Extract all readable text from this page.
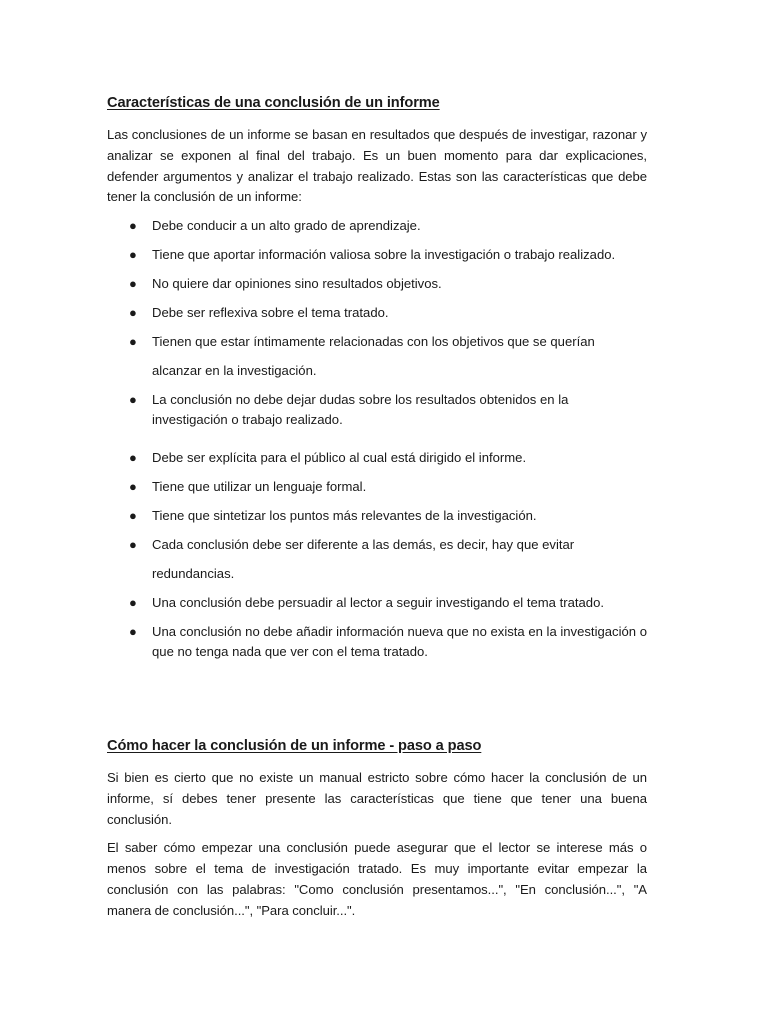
Características de una conclusión de un informe

Las conclusiones de un informe se basan en resultados que después de investigar, razonar y analizar se exponen al final del trabajo. Es un buen momento para dar explicaciones, defender argumentos y analizar el trabajo realizado. Estas son las características que debe tener la conclusión de un informe:

● Debe conducir a un alto grado de aprendizaje.
● Tiene que aportar información valiosa sobre la investigación o trabajo realizado.
● No quiere dar opiniones sino resultados objetivos.
● Debe ser reflexiva sobre el tema tratado.
● Tienen que estar íntimamente relacionadas con los objetivos que se querían alcanzar en la investigación.
● La conclusión no debe dejar dudas sobre los resultados obtenidos en la investigación o trabajo realizado.
● Debe ser explícita para el público al cual está dirigido el informe.
● Tiene que utilizar un lenguaje formal.
● Tiene que sintetizar los puntos más relevantes de la investigación.
● Cada conclusión debe ser diferente a las demás, es decir, hay que evitar redundancias.
● Una conclusión debe persuadir al lector a seguir investigando el tema tratado.
● Una conclusión no debe añadir información nueva que no exista en la investigación o que no tenga nada que ver con el tema tratado.
Cómo hacer la conclusión de un informe - paso a paso

Si bien es cierto que no existe un manual estricto sobre cómo hacer la conclusión de un informe, sí debes tener presente las características que tiene que tener una buena conclusión.

El saber cómo empezar una conclusión puede asegurar que el lector se interese más o menos sobre el tema de investigación tratado. Es muy importante evitar empezar la conclusión con las palabras: "Como conclusión presentamos...", "En conclusión...", "A manera de conclusión...", "Para concluir...".
